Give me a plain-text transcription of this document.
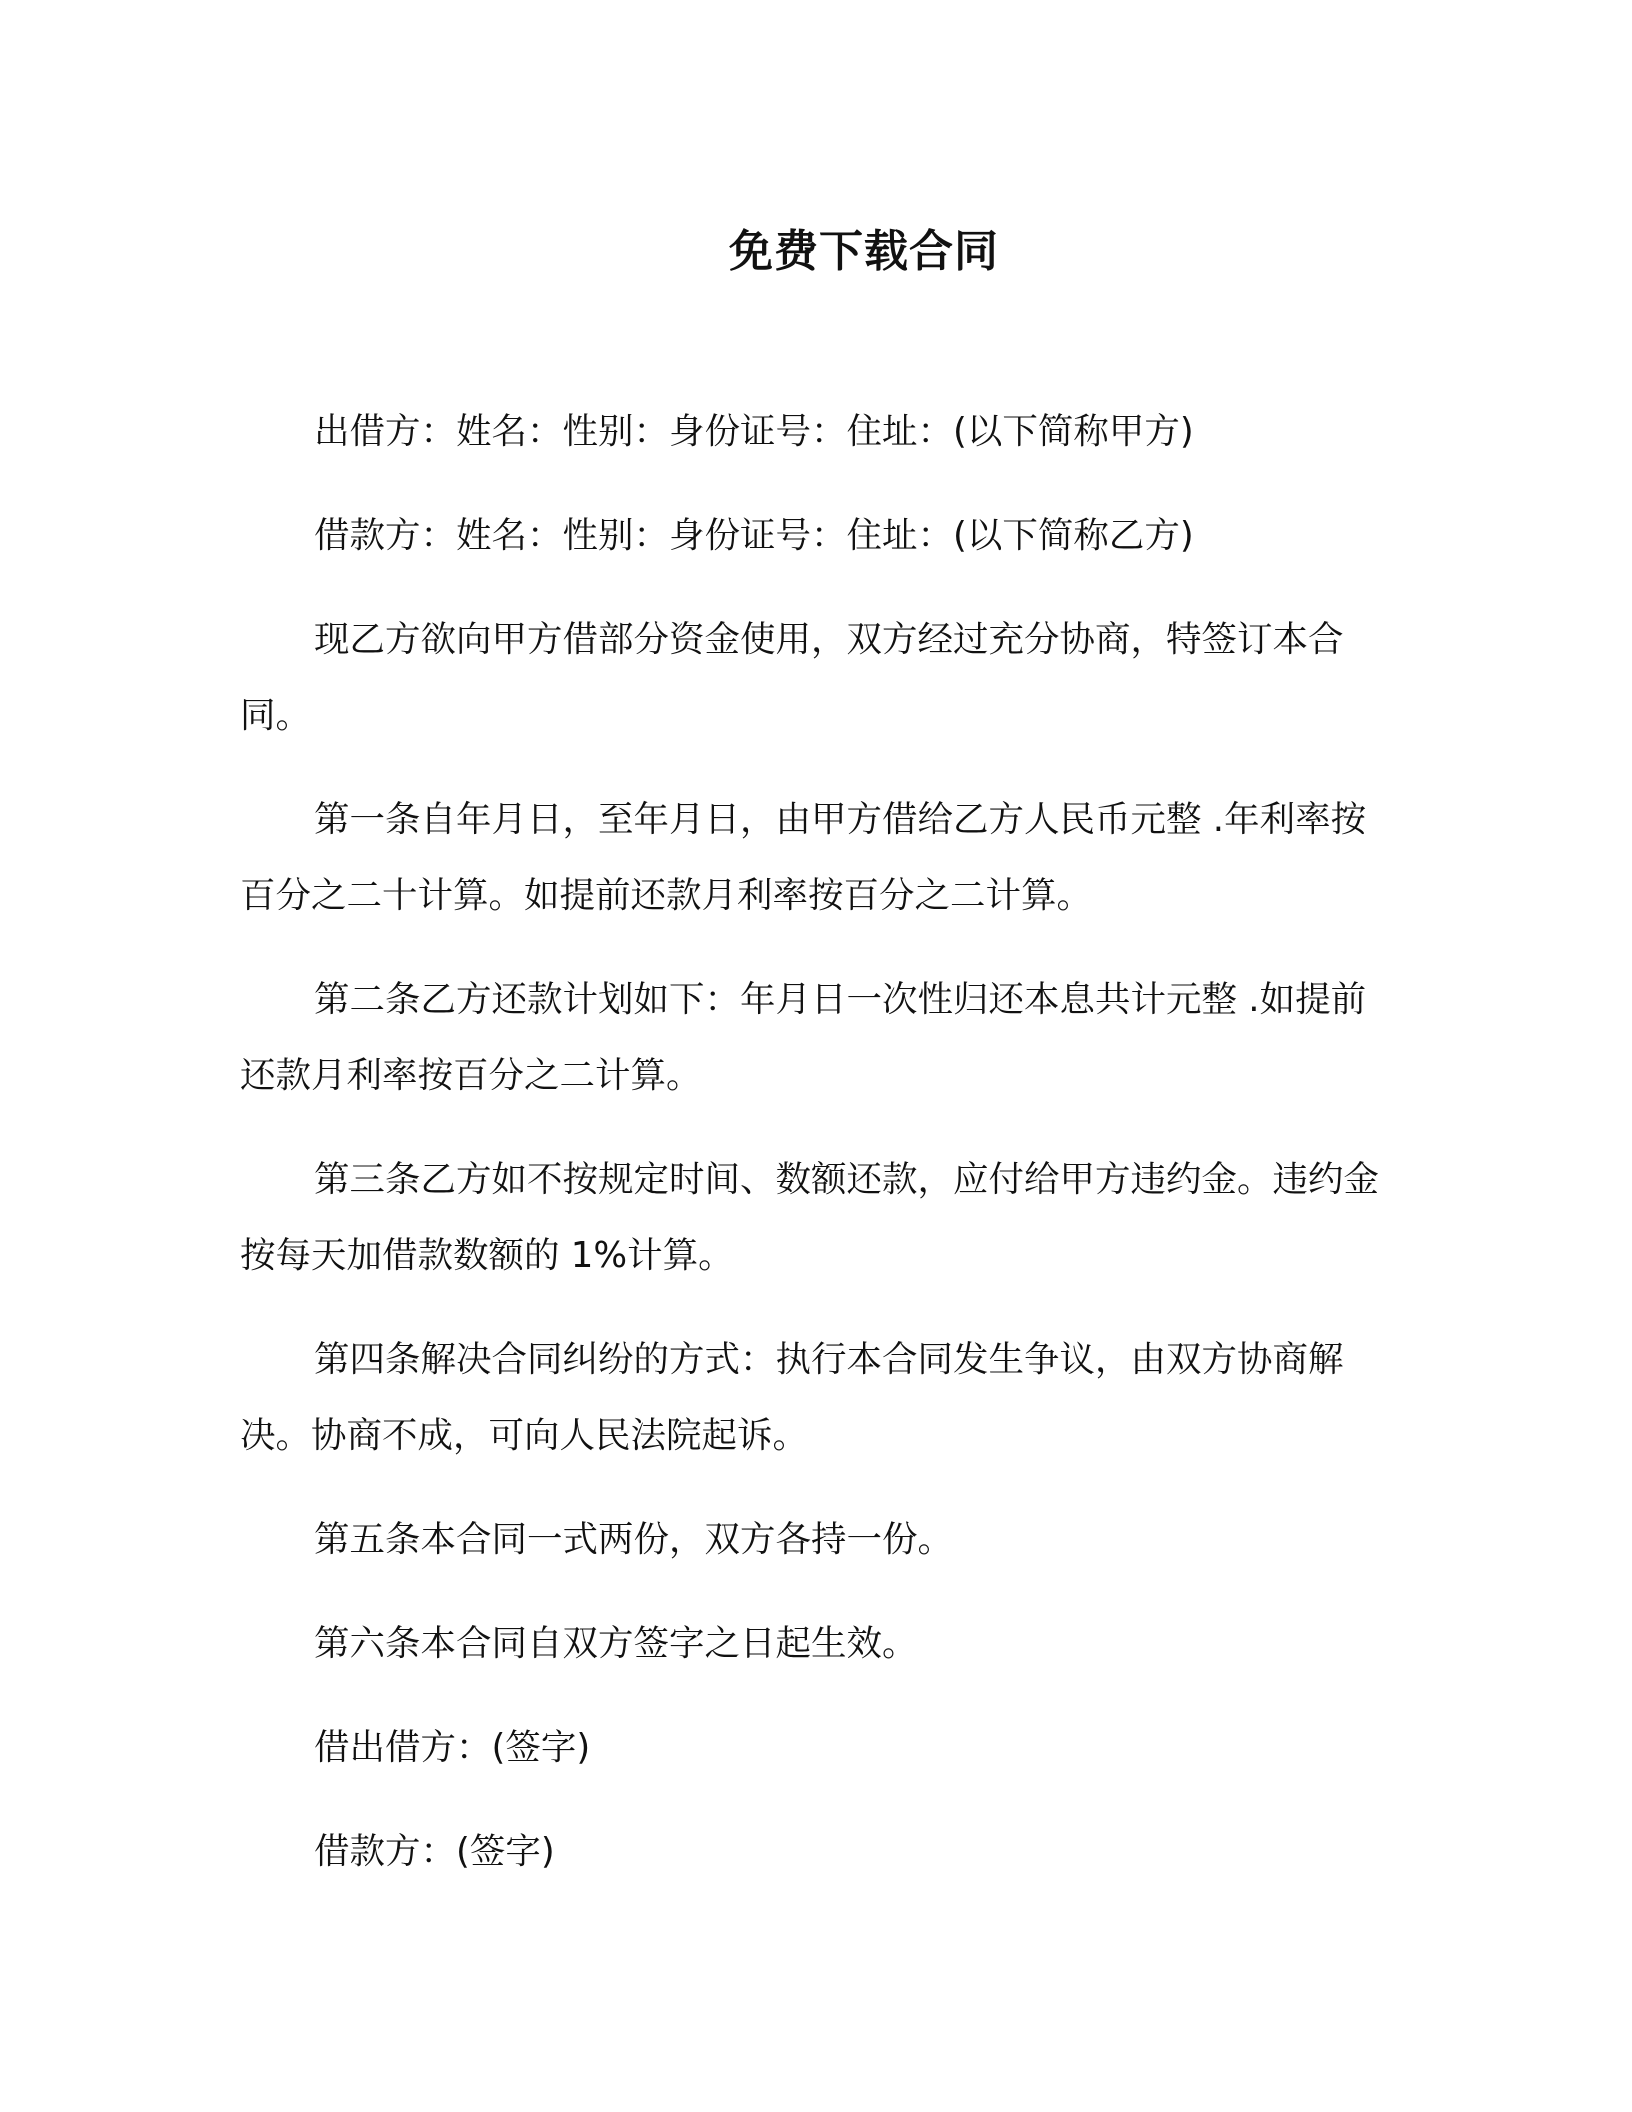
免费下载合同

出借方：姓名：性别：身份证号：住址：(以下简称甲方)

借款方：姓名：性别：身份证号：住址：(以下简称乙方)

现乙方欲向甲方借部分资金使用，双方经过充分协商，特签订本合同。

第一条自年月日，至年月日，由甲方借给乙方人民币元整 .年利率按百分之二十计算。如提前还款月利率按百分之二计算。

第二条乙方还款计划如下：年月日一次性归还本息共计元整 .如提前还款月利率按百分之二计算。

第三条乙方如不按规定时间、数额还款，应付给甲方违约金。违约金按每天加借款数额的 1%计算。

第四条解决合同纠纷的方式：执行本合同发生争议，由双方协商解决。协商不成，可向人民法院起诉。

第五条本合同一式两份，双方各持一份。

第六条本合同自双方签字之日起生效。

借出借方：(签字)

借款方：(签字)
